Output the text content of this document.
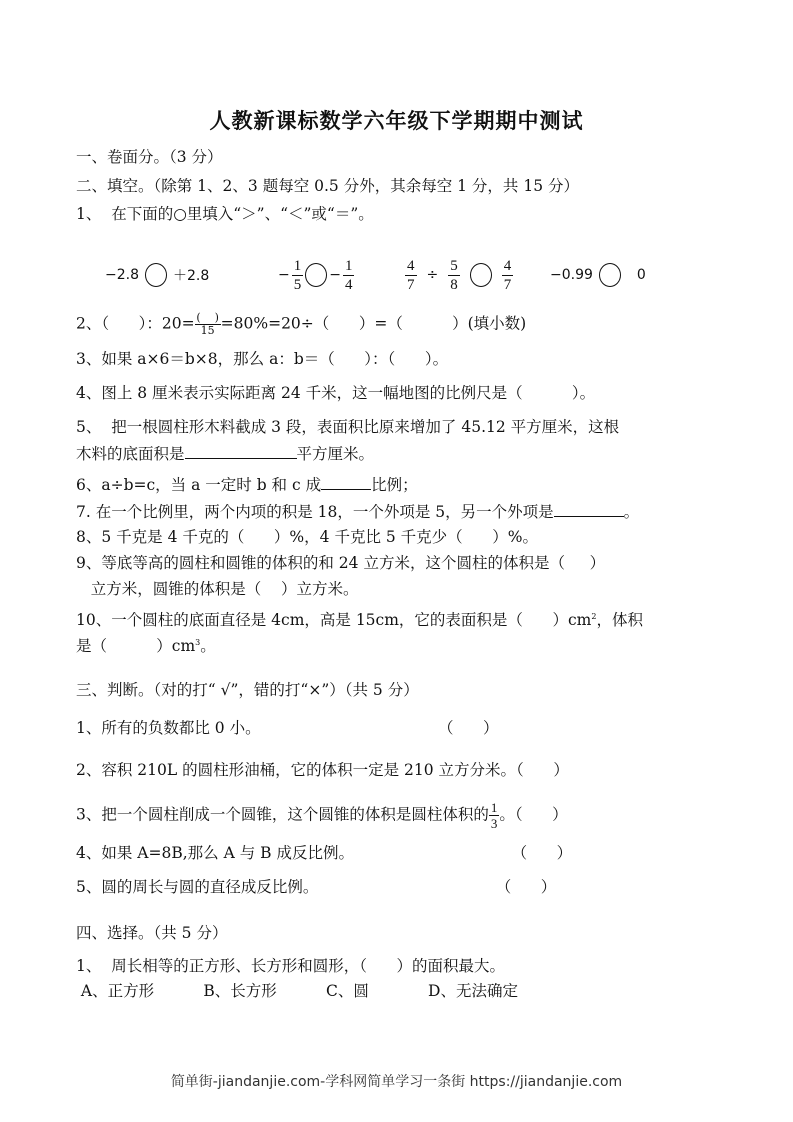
人教新课标数学六年级下学期期中测试
一、卷面分。（3 分）
二、填空。（除第 1、2、3 题每空 0.5 分外，其余每空 1 分，共 15 分）
1、  在下面的○里填入“＞”、“＜”或“＝”。
−2.8 ＋2.8	− $\frac{1}{5} - \frac{1}{4}$	$\frac{4}{7} \div \frac{5}{8}$	$\frac{4}{7}$	−0.99	0
2、（      ）：20= (    )
15 =80%=20÷（      ）=（          ）(填小数)
3、如果 a×6＝b×8，那么 a：b＝（      ）：（      ）。
4、图上 8 厘米表示实际距离 24 千米，这一幅地图的比例尺是（          ）。
5、  把一根圆柱形木料截成 3 段，表面积比原来增加了 45.12 平方厘米，这根
木料的底面积是	平方厘米。
6、a÷b=c，当 a 一定时 b 和 c 成	比例；
7. 在一个比例里，两个内项的积是 18，一个外项是 5，另一个外项是	。
8、5 千克是 4 千克的（      ）%，4 千克比 5 千克少（      ）%。
9、等底等高的圆柱和圆锥的体积的和 24 立方米，这个圆柱的体积是（     ）
立方米，圆锥的体积是（    ）立方米。
10、一个圆柱的底面直径是 4cm，高是 15cm，它的表面积是（      ）$cm^2$，体积
是（          ）$cm^3$。
三、判断。（对的打“ √”，错的打“×”）（共 5 分）
1、所有的负数都比 0 小。                                    （      ）
2、容积 210L 的圆柱形油桶，它的体积一定是 210 立方分米。（      ）
3、把一个圆柱削成一个圆锥，这个圆锥的体积是圆柱体积的 $\frac{1}{3}$ 。（      ）
4、如果 A=8B,那么 A 与 B 成反比例。                                （      ）
5、圆的周长与圆的直径成反比例。                                    （      ）
四、选择。（共 5 分）
1、  周长相等的正方形、长方形和圆形，（      ）的面积最大。
A、正方形          B、长方形          C、圆            D、无法确定
简单街-jiandanjie.com-学科网简单学习一条街 https://jiandanjie.com
